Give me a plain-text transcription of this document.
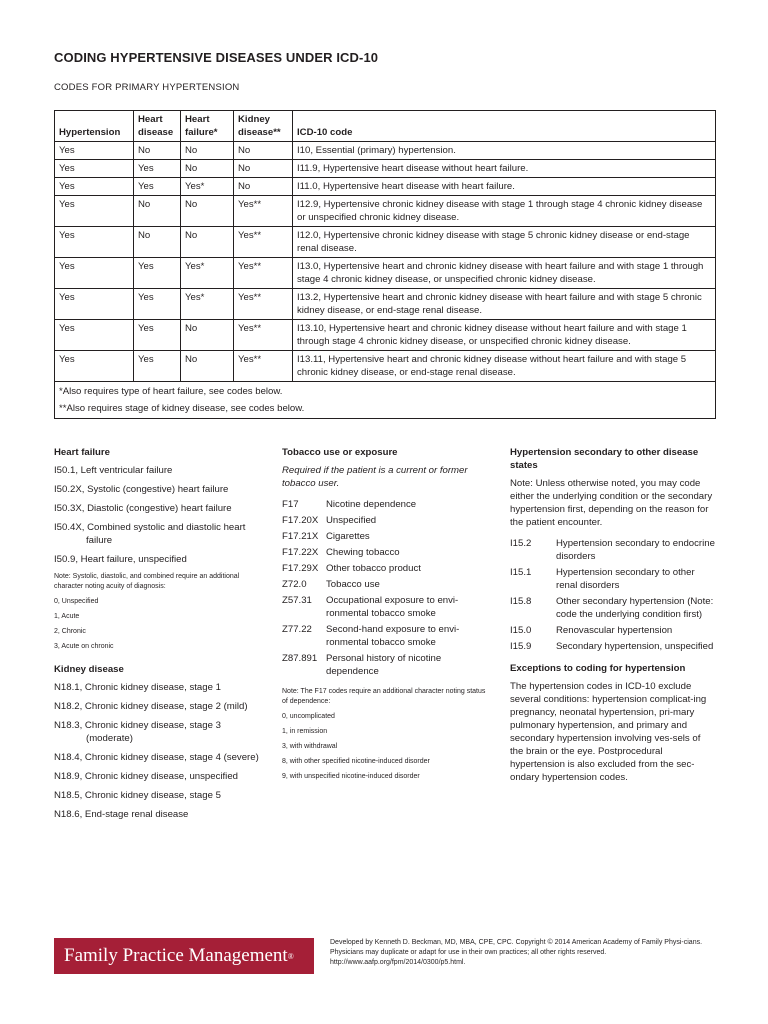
CODING HYPERTENSIVE DISEASES UNDER ICD-10
CODES FOR PRIMARY HYPERTENSION
Hypertension	Heart disease	Heart failure*	Kidney disease**	ICD-10 code
Yes	No	No	No	I10, Essential (primary) hypertension.
Yes	Yes	No	No	I11.9, Hypertensive heart disease without heart failure.
Yes	Yes	Yes*	No	I11.0, Hypertensive heart disease with heart failure.
Yes	No	No	Yes**	I12.9, Hypertensive chronic kidney disease with stage 1 through stage 4 chronic kidney disease or unspecified chronic kidney disease.
Yes	No	No	Yes**	I12.0, Hypertensive chronic kidney disease with stage 5 chronic kidney disease or end-stage renal disease.
Yes	Yes	Yes*	Yes**	I13.0, Hypertensive heart and chronic kidney disease with heart failure and with stage 1 through stage 4 chronic kidney disease, or unspecified chronic kidney disease.
Yes	Yes	Yes*	Yes**	I13.2, Hypertensive heart and chronic kidney disease with heart failure and with stage 5 chronic kidney disease, or end-stage renal disease.
Yes	Yes	No	Yes**	I13.10, Hypertensive heart and chronic kidney disease without heart failure and with stage 1 through stage 4 chronic kidney disease, or unspecified chronic kidney disease.
Yes	Yes	No	Yes**	I13.11, Hypertensive heart and chronic kidney disease without heart failure and with stage 5 chronic kidney disease, or end-stage renal disease.

*Also requires type of heart failure, see codes below.
**Also requires stage of kidney disease, see codes below.				
Heart failure
I50.1, Left ventricular failure
I50.2X, Systolic (congestive) heart failure
I50.3X, Diastolic (congestive) heart failure
I50.4X, Combined systolic and diastolic heart failure
I50.9, Heart failure, unspecified
Note: Systolic, diastolic, and combined require an additional character noting acuity of diagnosis:
0, Unspecified
1, Acute
2, Chronic
3, Acute on chronic
Kidney disease
N18.1, Chronic kidney disease, stage 1
N18.2, Chronic kidney disease, stage 2 (mild)
N18.3, Chronic kidney disease, stage 3 (moderate)
N18.4, Chronic kidney disease, stage 4 (severe)
N18.9, Chronic kidney disease, unspecified
N18.5, Chronic kidney disease, stage 5
N18.6, End-stage renal disease
Tobacco use or exposure
Required if the patient is a current or former tobacco user.
F17	Nicotine dependence
F17.20X Unspecified
F17.21X Cigarettes
F17.22X Chewing tobacco
F17.29X Other tobacco product
Z72.0	Tobacco use
Z57.31	Occupational exposure to envi-ronmental tobacco smoke
Z77.22	Second-hand exposure to envi-ronmental tobacco smoke
Z87.891 Personal history of nicotine dependence
Note: The F17 codes require an additional character noting status of dependence:
0, uncomplicated
1, in remission
3, with withdrawal
8, with other specified nicotine-induced disorder
9, with unspecified nicotine-induced disorder
Hypertension secondary to other disease states
Note: Unless otherwise noted, you may code either the underlying condition or the secondary hypertension first, depending on the reason for the patient encounter.
I15.2	Hypertension secondary to endocrine disorders
I15.1	Hypertension secondary to other renal disorders
I15.8	Other secondary hypertension (Note: code the underlying condition first)
I15.0	Renovascular hypertension
I15.9	Secondary hypertension, unspecified
Exceptions to coding for hypertension
The hypertension codes in ICD-10 exclude several conditions: hypertension complicat-ing pregnancy, neonatal hypertension, pri-mary pulmonary hypertension, and primary and secondary hypertension involving ves-sels of the brain or the eye. Postprocedural hypertension is also excluded from the sec-ondary hypertension codes.
Family Practice Management ®
Developed by Kenneth D. Beckman, MD, MBA, CPE, CPC. Copyright © 2014 American Academy of Family Physi-cians. Physicians may duplicate or adapt for use in their own practices; all other rights reserved. http://www.aafp.org/fpm/2014/0300/p5.html.
